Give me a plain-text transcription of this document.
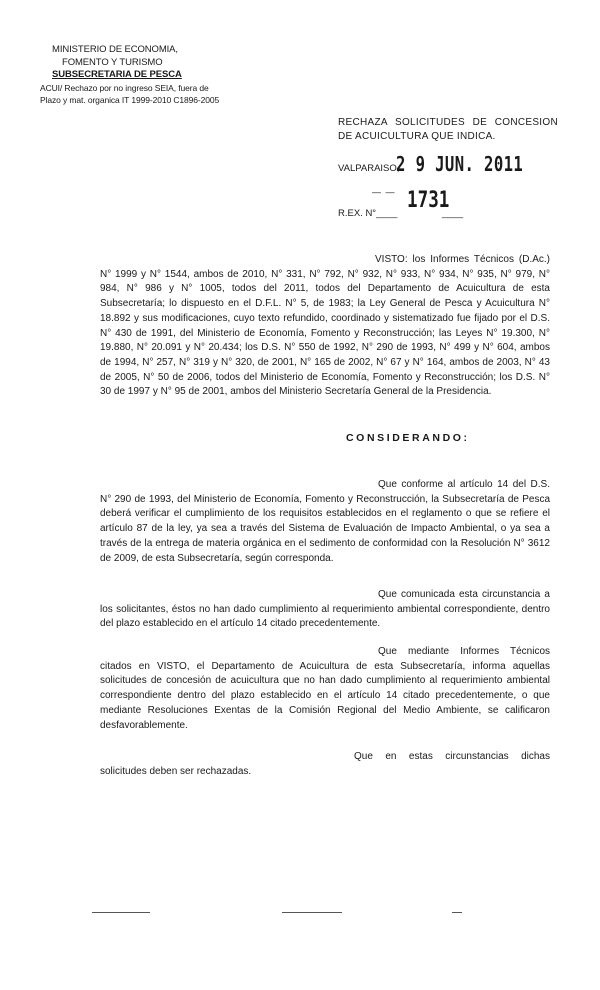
MINISTERIO DE ECONOMIA,
FOMENTO Y TURISMO
SUBSECRETARIA DE PESCA
ACUI/ Rechazo por no ingreso SEIA, fuera de
Plazo y mat. organica IT 1999-2010 C1896-2005
RECHAZA SOLICITUDES DE CONCESION DE ACUICULTURA QUE INDICA.
VALPARAISO,
2 9 JUN. 2011
— —
R.EX. N°____
1731
____
VISTO: los Informes Técnicos (D.Ac.) N° 1999 y N° 1544, ambos de 2010, N° 331, N° 792, N° 932, N° 933, N° 934, N° 935, N° 979, N° 984, N° 986 y N° 1005, todos del 2011, todos del Departamento de Acuicultura de esta Subsecretaría; lo dispuesto en el D.F.L. N° 5, de 1983; la Ley General de Pesca y Acuicultura N° 18.892 y sus modificaciones, cuyo texto refundido, coordinado y sistematizado fue fijado por el D.S. N° 430 de 1991, del Ministerio de Economía, Fomento y Reconstrucción; las Leyes N° 19.300, N° 19.880, N° 20.091 y N° 20.434; los D.S. N° 550 de 1992, N° 290 de 1993, N° 499 y N° 604, ambos de 1994, N° 257, N° 319 y N° 320, de 2001, N° 165 de 2002, N° 67 y N° 164, ambos de 2003, N° 43 de 2005, N° 50 de 2006, todos del Ministerio de Economía, Fomento y Reconstrucción; los D.S. N° 30 de 1997 y N° 95 de 2001, ambos del Ministerio Secretaría General de la Presidencia.
CONSIDERANDO:
Que conforme al artículo 14 del D.S. N° 290 de 1993, del Ministerio de Economía, Fomento y Reconstrucción, la Subsecretaría de Pesca deberá verificar el cumplimiento de los requisitos establecidos en el reglamento o que se refiere el artículo 87 de la ley, ya sea a través del Sistema de Evaluación de Impacto Ambiental, o ya sea a través de la entrega de materia orgánica en el sedimento de conformidad con la Resolución N° 3612 de 2009, de esta Subsecretaría, según corresponda.
Que comunicada esta circunstancia a los solicitantes, éstos no han dado cumplimiento al requerimiento ambiental correspondiente, dentro del plazo establecido en el artículo 14 citado precedentemente.
Que mediante Informes Técnicos citados en VISTO, el Departamento de Acuicultura de esta Subsecretaría, informa aquellas solicitudes de concesión de acuicultura que no han dado cumplimiento al requerimiento ambiental correspondiente dentro del plazo establecido en el artículo 14 citado precedentemente, o que mediante Resoluciones Exentas de la Comisión Regional del Medio Ambiente, se calificaron desfavorablemente.
Que en estas circunstancias dichas solicitudes deben ser rechazadas.
